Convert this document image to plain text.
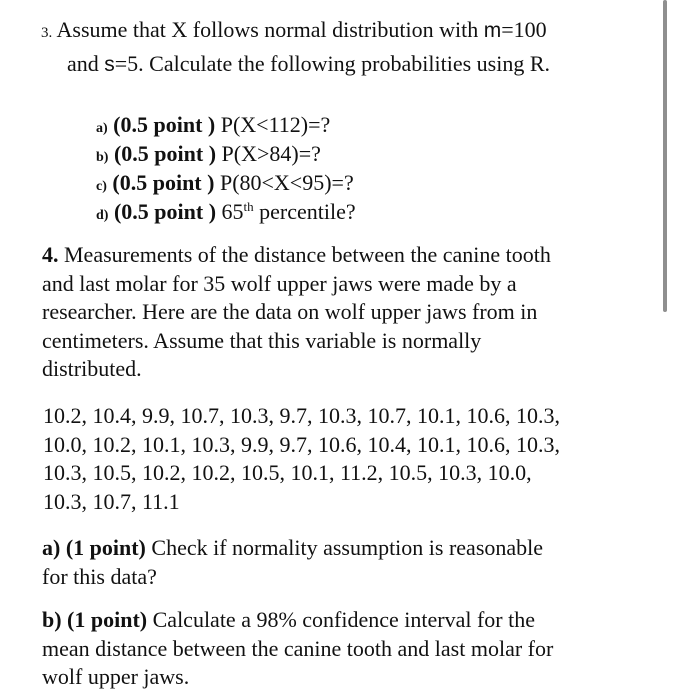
3. Assume that X follows normal distribution with m=100
and s=5. Calculate the following probabilities using R.
a) (0.5 point ) P(X<112)=?
b) (0.5 point ) P(X>84)=?
c) (0.5 point ) P(80<X<95)=?
d) (0.5 point ) 65th percentile?
4. Measurements of the distance between the canine tooth
and last molar for 35 wolf upper jaws were made by a
researcher. Here are the data on wolf upper jaws from in
centimeters. Assume that this variable is normally
distributed.
10.2, 10.4, 9.9, 10.7, 10.3, 9.7, 10.3, 10.7, 10.1, 10.6, 10.3,
10.0, 10.2, 10.1, 10.3, 9.9, 9.7, 10.6, 10.4, 10.1, 10.6, 10.3,
10.3, 10.5, 10.2, 10.2, 10.5, 10.1, 11.2, 10.5, 10.3, 10.0,
10.3, 10.7, 11.1
a) (1 point) Check if normality assumption is reasonable
for this data?
b) (1 point) Calculate a 98% confidence interval for the
mean distance between the canine tooth and last molar for
wolf upper jaws.
